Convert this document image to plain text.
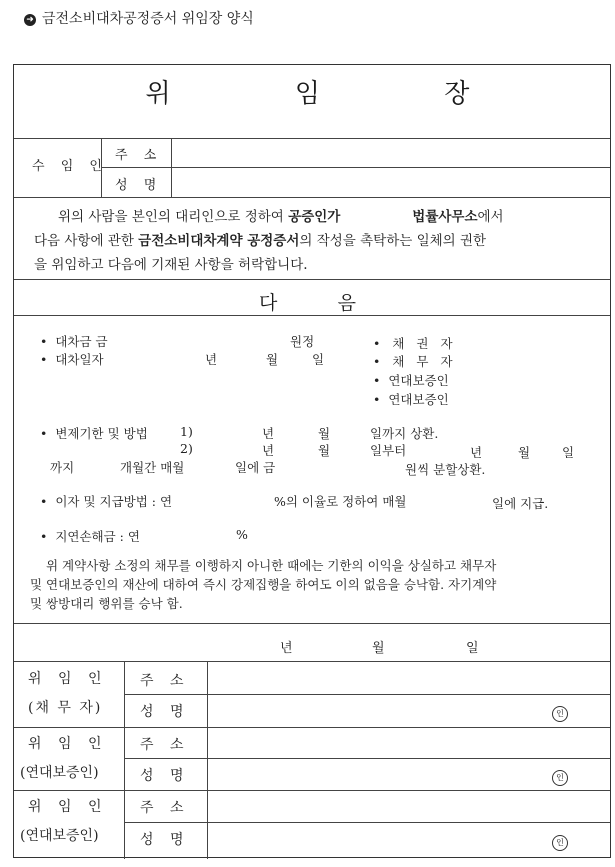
➜ 금전소비대차공정증서 위임장 양식
위 임 장
수 임 인
주 소
성 명
위의 사람을 본인의 대리인으로 정하여 공증인가	법률사무소에서
다음 사항에 관한 금전소비대차계약 공정증서의 작성을 촉탁하는 일체의 권한
을 위임하고 다음에 기재된 사항을 허락합니다.
다          음
•  대차금 금	원정
•  대차일자	년	월	일
• 채 권 자
• 채 무 자
•  연대보증인
•  연대보증인
•  변제기한 및 방법	1)	년	월	일까지 상환.
2)	년	월	일부터	년	월	일
까지	개월간 매월	일에 금	원씩 분할상환.
•  이자 및 지급방법 : 연	%의 이율로 정하여 매월	일에 지급.
•  지연손해금 : 연	%
위 계약사항 소정의 채무를 이행하지 아니한 때에는 기한의 이익을 상실하고 채무자
및 연대보증인의 재산에 대하여 즉시 강제집행을 하여도 이의 없음을 승낙함. 자기계약
및 쌍방대리 행위를 승낙 함.
년	월	일
위 임 인
(채 무 자)
주 소
성 명	인
위 임 인
(연대보증인)
주 소
성 명	인
위 임 인
(연대보증인)
주 소
성 명	인
